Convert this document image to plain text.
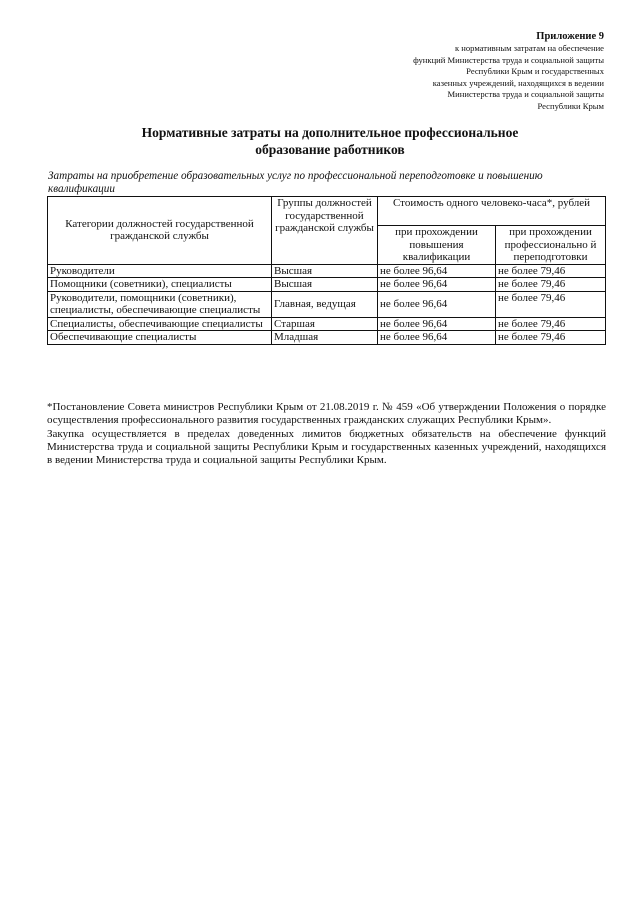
Приложение 9
к нормативным затратам на обеспечение
функций Министерства труда и социальной защиты
Республики Крым и государственных
казенных учреждений, находящихся в ведении
Министерства труда и социальной защиты
Республики Крым
Нормативные затраты на дополнительное профессиональное
образование работников
Затраты на приобретение образовательных услуг по профессиональной переподготовке и повышению квалификации
Категории должностей государственной гражданской службы	Группы должностей государственной гражданской службы	Стоимость одного человеко-часа*, рублей	
		при прохождении повышения квалификации	при прохождении профессионально й переподготовки
Руководители	Высшая	не более 96,64	не более 79,46
Помощники (советники), специалисты	Высшая	не более 96,64	не более 79,46
Руководители, помощники (советники), специалисты, обеспечивающие специалисты	Главная, ведущая	не более 96,64	не более 79,46
Специалисты, обеспечивающие специалисты	Старшая	не более 96,64	не более 79,46
Обеспечивающие специалисты	Младшая	не более 96,64	не более 79,46

*Постановление Совета министров Республики Крым от 21.08.2019 г. № 459 «Об утверждении Положения о порядке осуществления профессионального развития государственных гражданских служащих Республики Крым».

Закупка осуществляется в пределах доведенных лимитов бюджетных обязательств на обеспечение функций Министерства труда и социальной защиты Республики Крым и государственных казенных учреждений, находящихся в ведении Министерства труда и социальной защиты Республики Крым.
